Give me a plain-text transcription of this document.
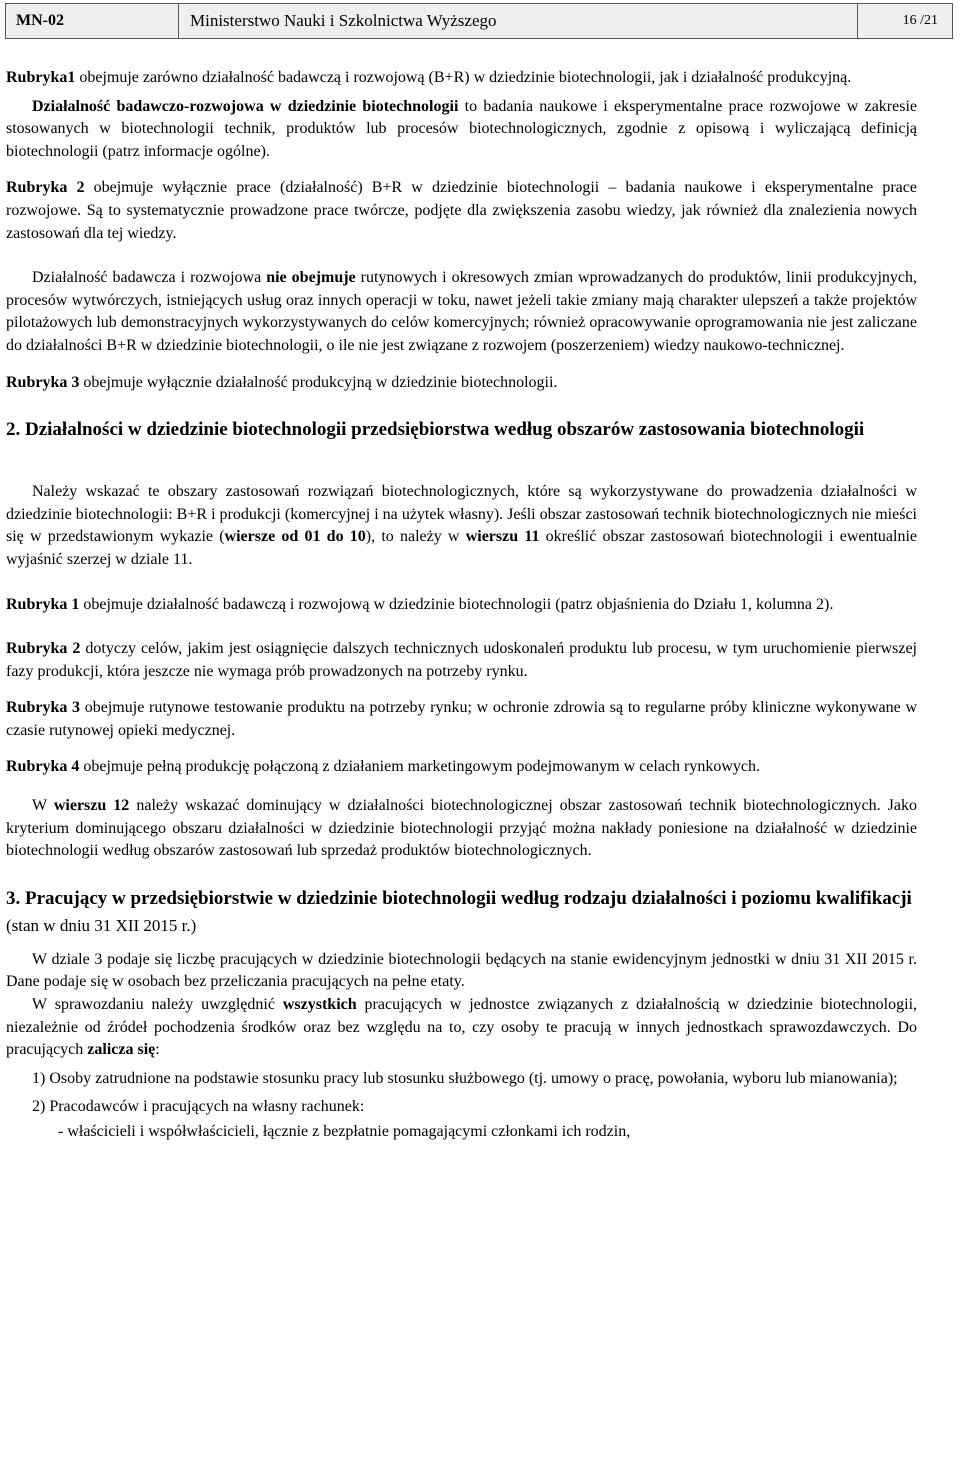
MN-02	Ministerstwo Nauki i Szkolnictwa Wyższego	16 /21

Rubryka1 obejmuje zarówno działalność badawczą i rozwojową (B+R) w dziedzinie biotechnologii, jak i działalność produkcyjną.

Działalność badawczo-rozwojowa w dziedzinie biotechnologii to badania naukowe i eksperymentalne prace rozwojowe w zakresie stosowanych w biotechnologii technik, produktów lub procesów biotechnologicznych, zgodnie z opisową i wyliczającą definicją biotechnologii (patrz informacje ogólne).

Rubryka 2 obejmuje wyłącznie prace (działalność) B+R w dziedzinie biotechnologii – badania naukowe i eksperymentalne prace rozwojowe. Są to systematycznie prowadzone prace twórcze, podjęte dla zwiększenia zasobu wiedzy, jak również dla znalezienia nowych zastosowań dla tej wiedzy.

Działalność badawcza i rozwojowa nie obejmuje rutynowych i okresowych zmian wprowadzanych do produktów, linii produkcyjnych, procesów wytwórczych, istniejących usług oraz innych operacji w toku, nawet jeżeli takie zmiany mają charakter ulepszeń a także projektów pilotażowych lub demonstracyjnych wykorzystywanych do celów komercyjnych; również opracowywanie oprogramowania nie jest zaliczane do działalności B+R w dziedzinie biotechnologii, o ile nie jest związane z rozwojem (poszerzeniem) wiedzy naukowo-technicznej.

Rubryka 3 obejmuje wyłącznie działalność produkcyjną w dziedzinie biotechnologii.

2. Działalności w dziedzinie biotechnologii przedsiębiorstwa według obszarów zastosowania biotechnologii

Należy wskazać te obszary zastosowań rozwiązań biotechnologicznych, które są wykorzystywane do prowadzenia działalności w dziedzinie biotechnologii: B+R i produkcji (komercyjnej i na użytek własny). Jeśli obszar zastosowań technik biotechnologicznych nie mieści się w przedstawionym wykazie (wiersze od 01 do 10), to należy w wierszu 11 określić obszar zastosowań biotechnologii i ewentualnie wyjaśnić szerzej w dziale 11.

Rubryka 1 obejmuje działalność badawczą i rozwojową w dziedzinie biotechnologii (patrz objaśnienia do Działu 1, kolumna 2).

Rubryka 2 dotyczy celów, jakim jest osiągnięcie dalszych technicznych udoskonaleń produktu lub procesu, w tym uruchomienie pierwszej fazy produkcji, która jeszcze nie wymaga prób prowadzonych na potrzeby rynku.

Rubryka 3 obejmuje rutynowe testowanie produktu na potrzeby rynku; w ochronie zdrowia są to regularne próby kliniczne wykonywane w czasie rutynowej opieki medycznej.

Rubryka 4 obejmuje pełną produkcję połączoną z działaniem marketingowym podejmowanym w celach rynkowych.

W wierszu 12 należy wskazać dominujący w działalności biotechnologicznej obszar zastosowań technik biotechnologicznych. Jako kryterium dominującego obszaru działalności w dziedzinie biotechnologii przyjąć można nakłady poniesione na działalność w dziedzinie biotechnologii według obszarów zastosowań lub sprzedaż produktów biotechnologicznych.

3. Pracujący w przedsiębiorstwie w dziedzinie biotechnologii według rodzaju działalności i poziomu kwalifikacji (stan w dniu 31 XII 2015 r.)

W dziale 3 podaje się liczbę pracujących w dziedzinie biotechnologii będących na stanie ewidencyjnym jednostki w dniu 31 XII 2015 r. Dane podaje się w osobach bez przeliczania pracujących na pełne etaty.

W sprawozdaniu należy uwzględnić wszystkich pracujących w jednostce związanych z działalnością w dziedzinie biotechnologii, niezależnie od źródeł pochodzenia środków oraz bez względu na to, czy osoby te pracują w innych jednostkach sprawozdawczych. Do pracujących zalicza się:

1) Osoby zatrudnione na podstawie stosunku pracy lub stosunku służbowego (tj. umowy o pracę, powołania, wyboru lub mianowania);

2) Pracodawców i pracujących na własny rachunek:

- właścicieli i współwłaścicieli, łącznie z bezpłatnie pomagającymi członkami ich rodzin,
